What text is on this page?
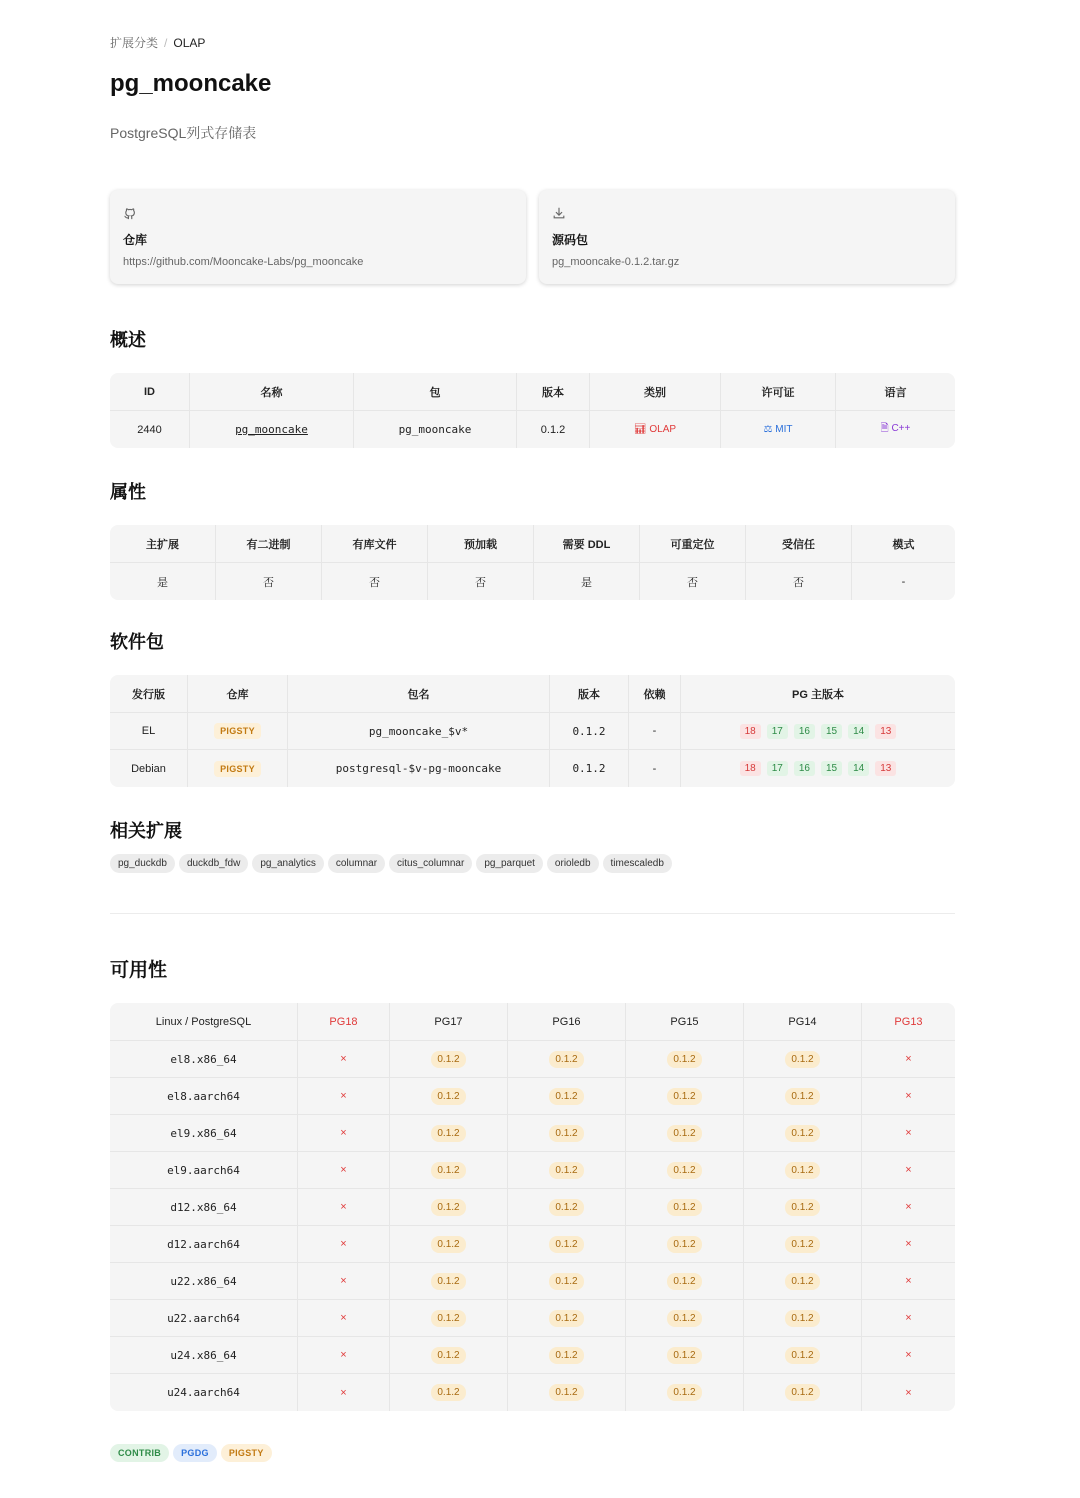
扩展分类 / OLAP
pg_mooncake
PostgreSQL列式存储表
仓库
https://github.com/Mooncake-Labs/pg_mooncake
源码包
pg_mooncake-0.1.2.tar.gz
概述
ID	名称	包	版本	类别	许可证	语言
2440	pg_mooncake	pg_mooncake	0.1.2	📊︎ OLAP	⚖ MIT	🗎︎ C++
属性
主扩展	有二进制	有库文件	预加载	需要 DDL	可重定位	受信任	模式
是	否	否	否	是	否	否	-
软件包
发行版	仓库	包名	版本	依赖	PG 主版本
EL	PIGSTY	pg_mooncake_$v*	0.1.2	-	18 17 16 15 14 13
Debian	PIGSTY	postgresql-$v-pg-mooncake	0.1.2	-	18 17 16 15 14 13
相关扩展
pg_duckdb duckdb_fdw pg_analytics columnar citus_columnar pg_parquet orioledb timescaledb
可用性
Linux / PostgreSQL	PG18	PG17	PG16	PG15	PG14	PG13
el8.x86_64	×	0.1.2	0.1.2	0.1.2	0.1.2	×
el8.aarch64	×	0.1.2	0.1.2	0.1.2	0.1.2	×
el9.x86_64	×	0.1.2	0.1.2	0.1.2	0.1.2	×
el9.aarch64	×	0.1.2	0.1.2	0.1.2	0.1.2	×
d12.x86_64	×	0.1.2	0.1.2	0.1.2	0.1.2	×
d12.aarch64	×	0.1.2	0.1.2	0.1.2	0.1.2	×
u22.x86_64	×	0.1.2	0.1.2	0.1.2	0.1.2	×
u22.aarch64	×	0.1.2	0.1.2	0.1.2	0.1.2	×
u24.x86_64	×	0.1.2	0.1.2	0.1.2	0.1.2	×
u24.aarch64	×	0.1.2	0.1.2	0.1.2	0.1.2	×
CONTRIB PGDG PIGSTY
